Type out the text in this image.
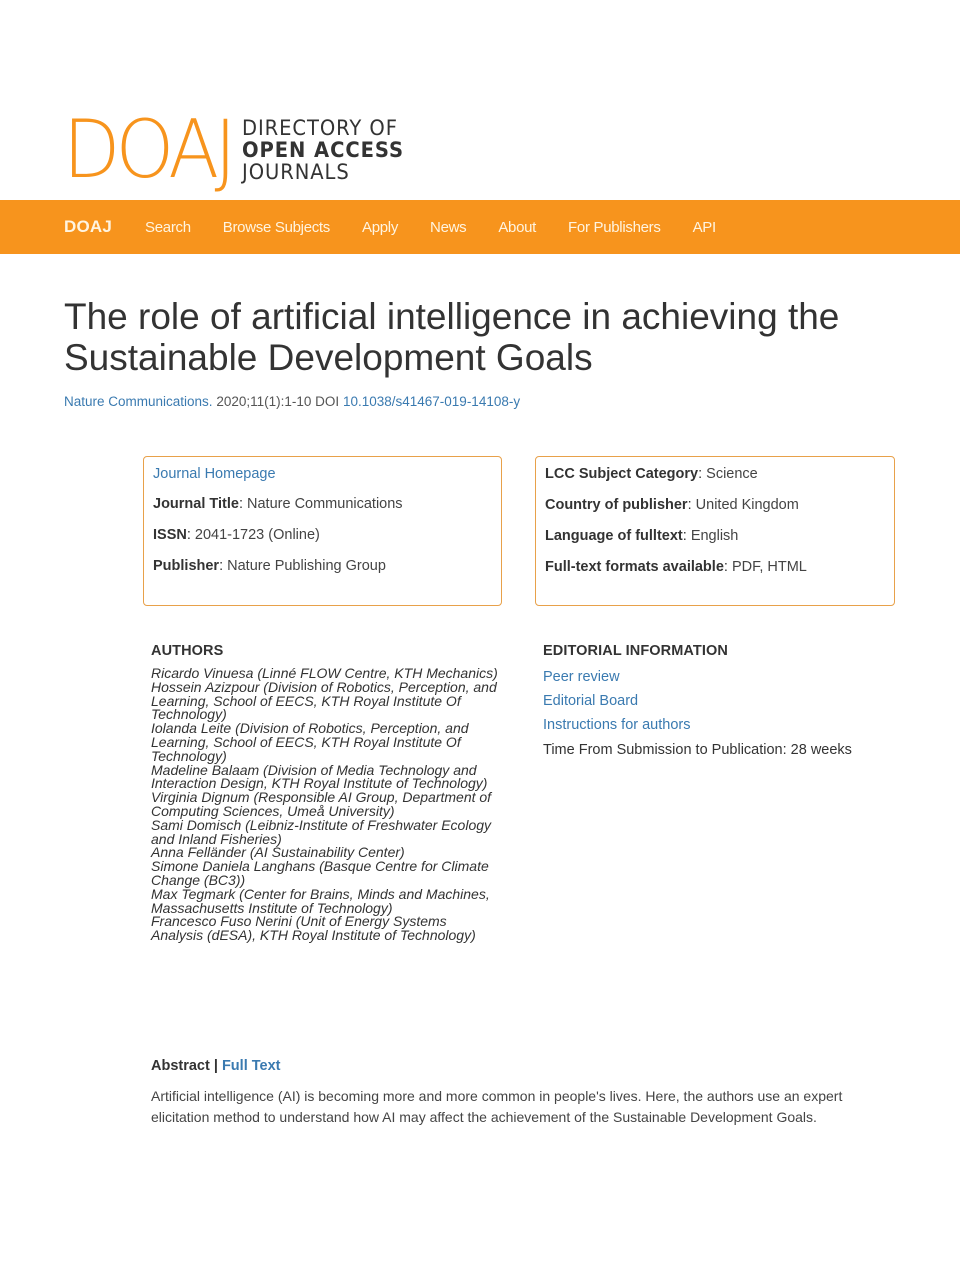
DOAJ DIRECTORY OF
OPEN ACCESS
JOURNALS
DOAJ Search Browse Subjects Apply News About For Publishers API
The role of artificial intelligence in achieving the Sustainable Development Goals
Nature Communications. 2020;11(1):1-10 DOI 10.1038/s41467-019-14108-y
Journal Homepage
Journal Title: Nature Communications
ISSN: 2041-1723 (Online)
Publisher: Nature Publishing Group
LCC Subject Category: Science
Country of publisher: United Kingdom
Language of fulltext: English
Full-text formats available: PDF, HTML
AUTHORS
Ricardo Vinuesa (Linné FLOW Centre, KTH Mechanics)
Hossein Azizpour (Division of Robotics, Perception, and Learning, School of EECS, KTH Royal Institute Of Technology)
Iolanda Leite (Division of Robotics, Perception, and Learning, School of EECS, KTH Royal Institute Of Technology)
Madeline Balaam (Division of Media Technology and Interaction Design, KTH Royal Institute of Technology)
Virginia Dignum (Responsible AI Group, Department of Computing Sciences, Umeå University)
Sami Domisch (Leibniz-Institute of Freshwater Ecology and Inland Fisheries)
Anna Felländer (AI Sustainability Center)
Simone Daniela Langhans (Basque Centre for Climate Change (BC3))
Max Tegmark (Center for Brains, Minds and Machines, Massachusetts Institute of Technology)
Francesco Fuso Nerini (Unit of Energy Systems Analysis (dESA), KTH Royal Institute of Technology)
EDITORIAL INFORMATION
Peer review
Editorial Board
Instructions for authors
Time From Submission to Publication: 28 weeks
Abstract | Full Text

Artificial intelligence (AI) is becoming more and more common in people's lives. Here, the authors use an expert elicitation method to understand how AI may affect the achievement of the Sustainable Development Goals.
